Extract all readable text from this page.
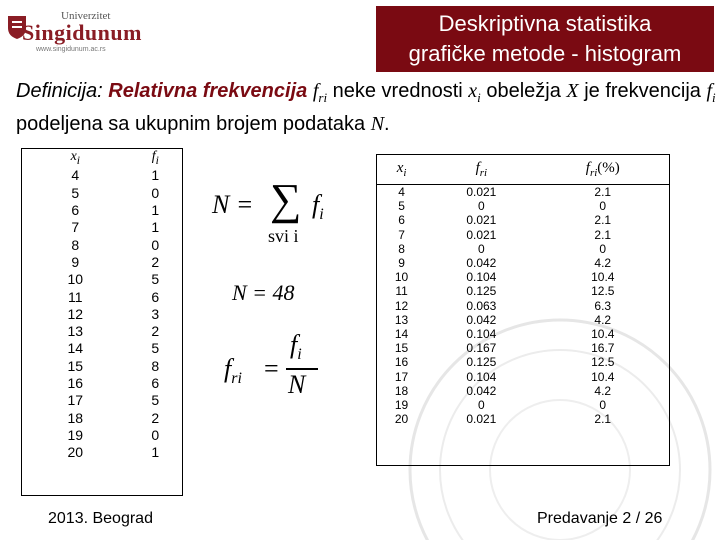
Univerzitet
Singidunum
www.singidunum.ac.rs
Deskriptivna statistika
grafičke metode - histogram
Definicija: Relativna frekvencija $f_{ri}$ neke vrednosti $x_i$ obeležja X je frekvencija $f_i$ podeljena sa ukupnim brojem podataka N.
$x_i$	$f_i$
4	1
5	0
6	1
7	1
8	0
9	2
10	5
11	6
12	3
13	2
14	5
15	8
16	6
17	5
18	2
19	0
20	1
N = ∑ $f_i$
svi i
N = 48
$f_{ri}$ =
$f_i$
N
$x_i$	$f_{ri}$	$f_{ri}(\%)$
4	0.021	2.1
5	0	0
6	0.021	2.1
7	0.021	2.1
8	0	0
9	0.042	4.2
10	0.104	10.4
11	0.125	12.5
12	0.063	6.3
13	0.042	4.2
14	0.104	10.4
15	0.167	16.7
16	0.125	12.5
17	0.104	10.4
18	0.042	4.2
19	0	0
20	0.021	2.1
2013. Beograd	Predavanje 2 / 26
